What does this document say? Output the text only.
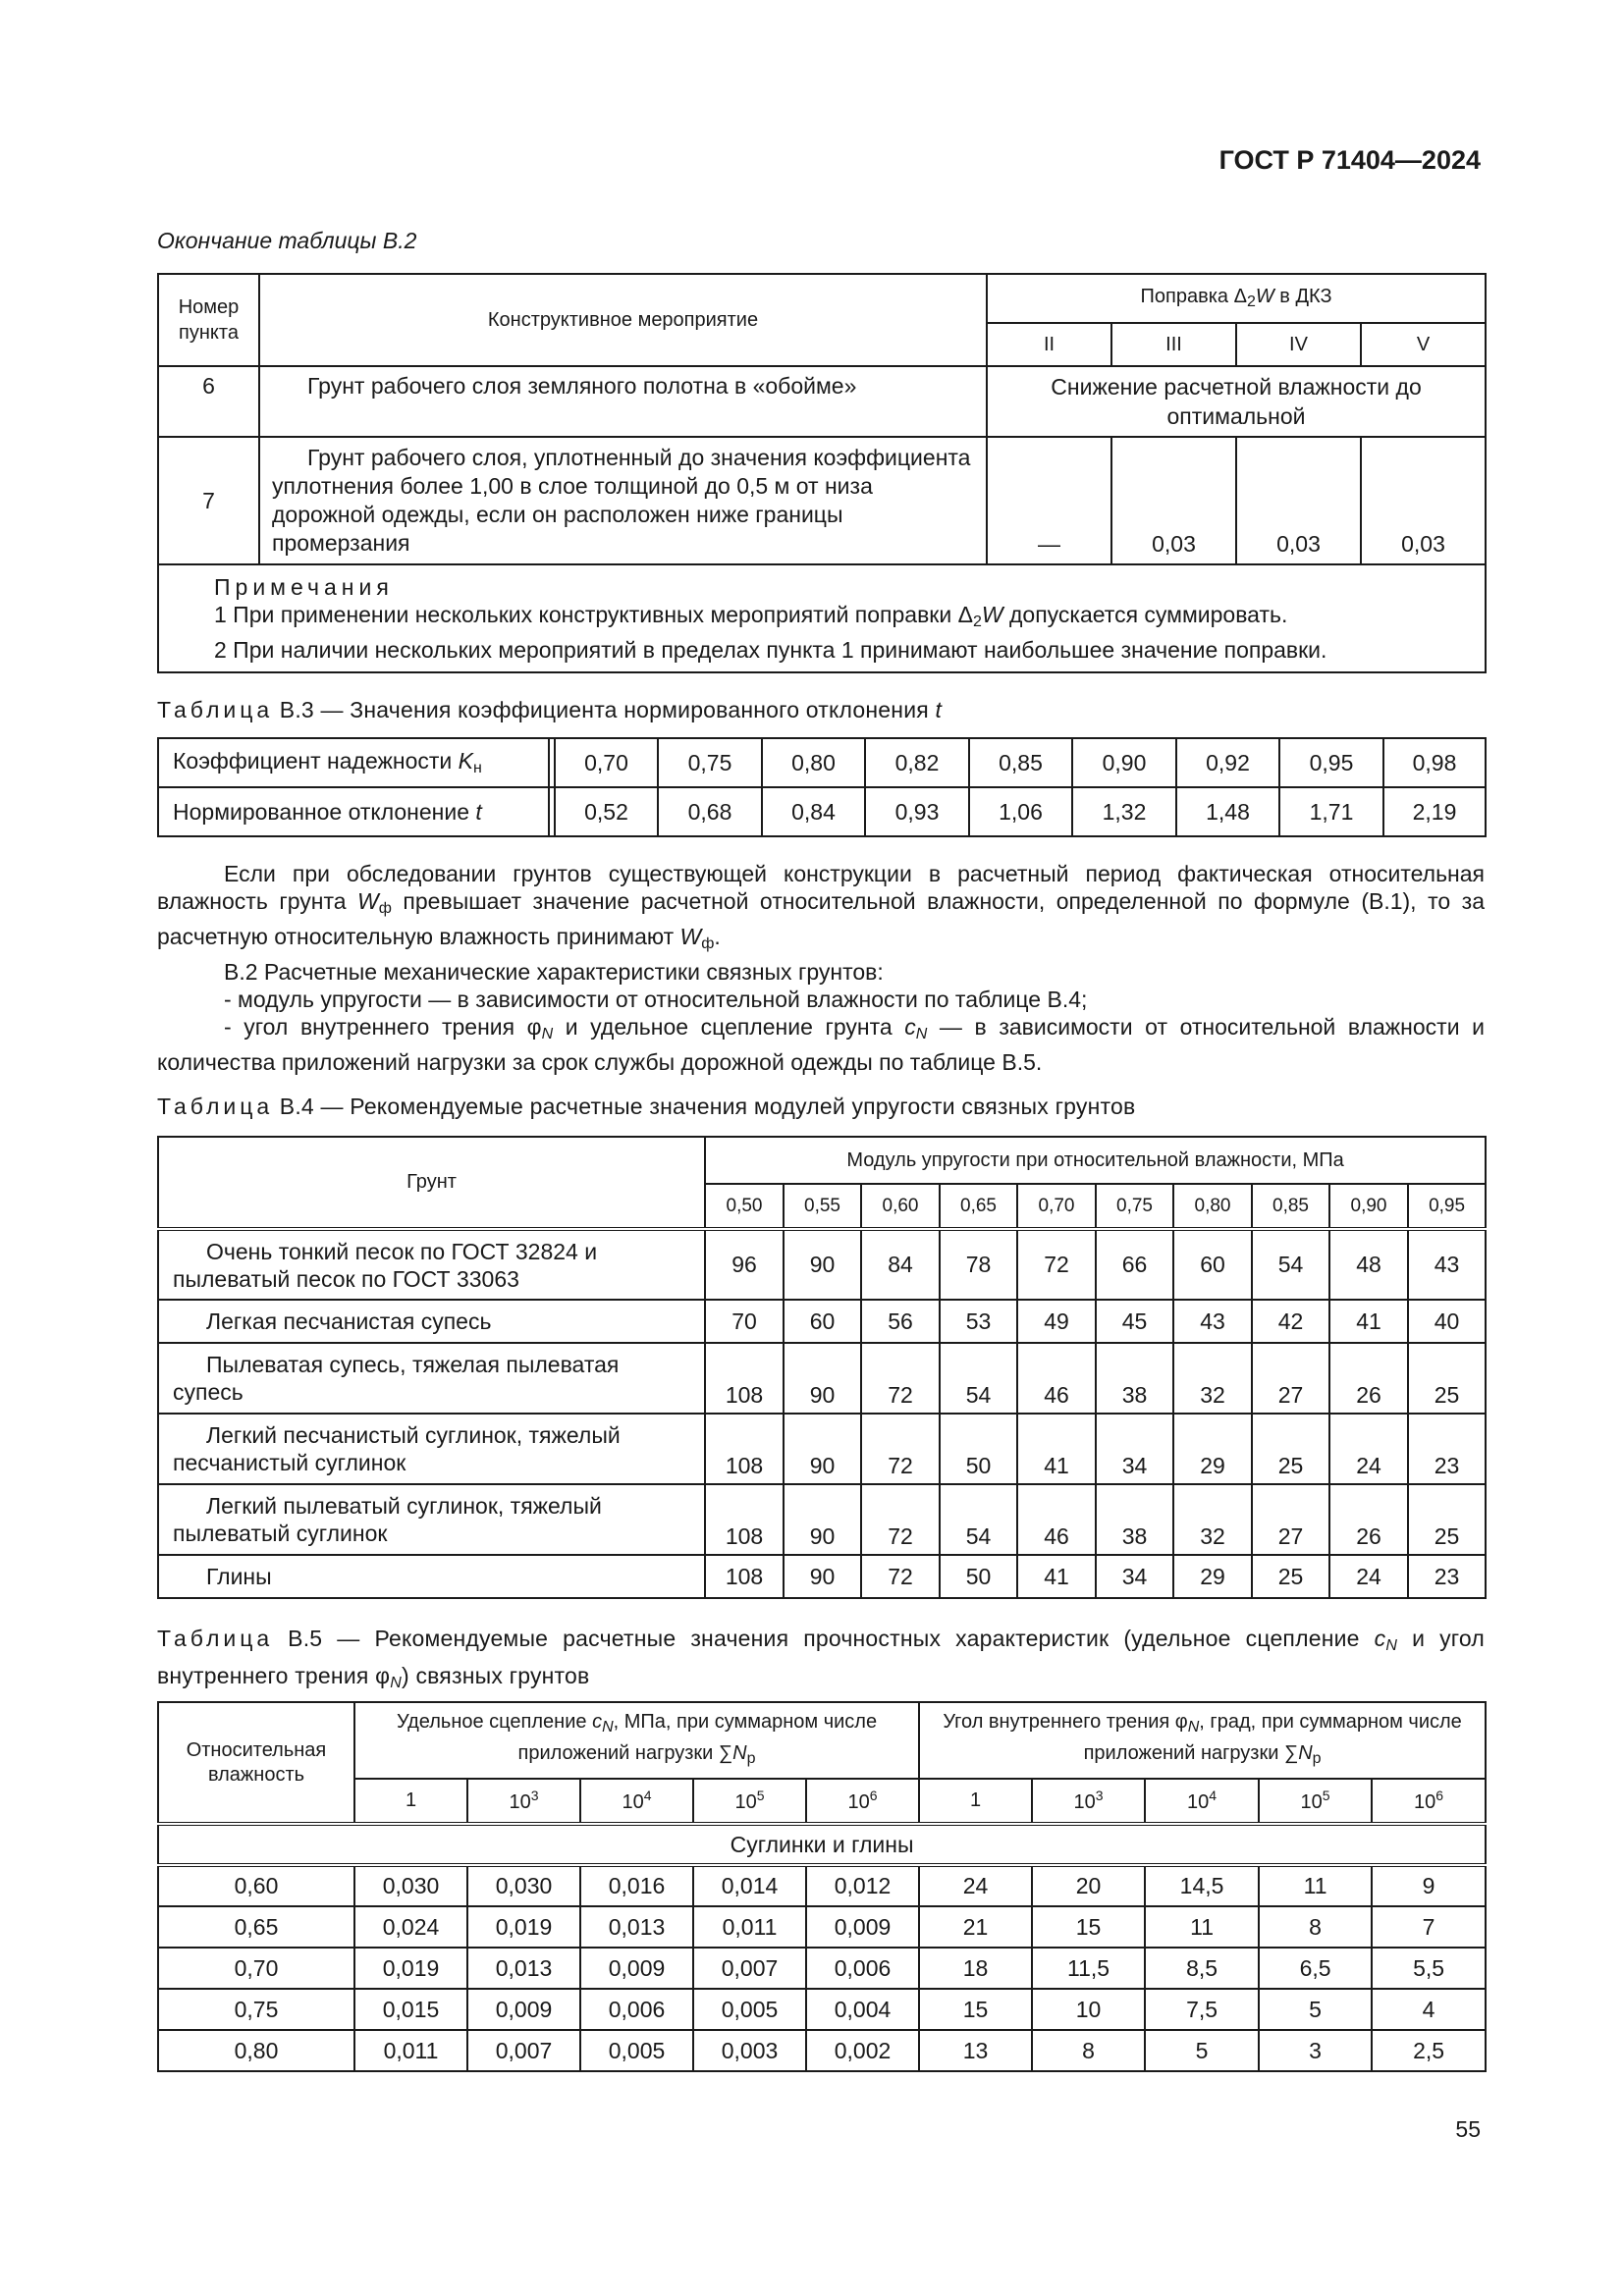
ГОСТ Р 71404—2024
Окончание таблицы В.2
Номер пункта	Конструктивное мероприятие	Поправка $\Delta_2W$ в ДКЗ			
		II	III	IV	V
6	Грунт рабочего слоя земляного полотна в «обойме»	Снижение расчетной влажности до оптимальной			
7	Грунт рабочего слоя, уплотненный до значения коэффициента уплотнения более 1,00 в слое толщиной до 0,5 м от низа дорожной одежды, если он расположен ниже границы промерзания	—	0,03	0,03	0,03

Примечания
1 При применении нескольких конструктивных мероприятий поправки $\Delta_2W$ допускается суммировать.
2 При наличии нескольких мероприятий в пределах пункта 1 принимают наибольшее значение поправки.					
Таблица В.3 — Значения коэффициента нормированного отклонения t
Коэффициент надежности $K_н$		0,70	0,75	0,80	0,82	0,85	0,90	0,92	0,95	0,98
Нормированное отклонение t		0,52	0,68	0,84	0,93	1,06	1,32	1,48	1,71	2,19

Если при обследовании грунтов существующей конструкции в расчетный период фактическая относительная влажность грунта $W_ф$ превышает значение расчетной относительной влажности, определенной по формуле (В.1), то за расчетную относительную влажность принимают $W_ф$.

В.2 Расчетные механические характеристики связных грунтов:

- модуль упругости — в зависимости от относительной влажности по таблице В.4;

- угол внутреннего трения $\varphi_N$ и удельное сцепление грунта $c_N$ — в зависимости от относительной влажности и количества приложений нагрузки за срок службы дорожной одежды по таблице В.5.

Таблица В.4 — Рекомендуемые расчетные значения модулей упругости связных грунтов
Грунт	Модуль упругости при относительной влажности, МПа									
	0,50	0,55	0,60	0,65	0,70	0,75	0,80	0,85	0,90	0,95
Очень тонкий песок по ГОСТ 32824 и пылеватый песок по ГОСТ 33063	96	90	84	78	72	66	60	54	48	43
Легкая песчанистая супесь	70	60	56	53	49	45	43	42	41	40
Пылеватая супесь, тяжелая пылеватая супесь	108	90	72	54	46	38	32	27	26	25
Легкий песчанистый суглинок, тяжелый песчанистый суглинок	108	90	72	50	41	34	29	25	24	23
Легкий пылеватый суглинок, тяжелый пылеватый суглинок	108	90	72	54	46	38	32	27	26	25
Глины	108	90	72	50	41	34	29	25	24	23
Таблица В.5 — Рекомендуемые расчетные значения прочностных характеристик (удельное сцепление $c_N$ и угол внутреннего трения $\varphi_N$) связных грунтов
Относительная влажность	Удельное сцепление $c_N$, МПа, при суммарном числе приложений нагрузки $\sum N_p$					Угол внутреннего трения $\varphi_N$, град, при суммарном числе приложений нагрузки $\sum N_p$
	1	$10^3$	$10^4$	$10^5$	$10^6$	1	$10^3$	$10^4$	$10^5$	$10^6$
Суглинки и глины										
0,60	0,030	0,030	0,016	0,014	0,012	24	20	14,5	11	9
0,65	0,024	0,019	0,013	0,011	0,009	21	15	11	8	7
0,70	0,019	0,013	0,009	0,007	0,006	18	11,5	8,5	6,5	5,5
0,75	0,015	0,009	0,006	0,005	0,004	15	10	7,5	5	4
0,80	0,011	0,007	0,005	0,003	0,002	13	8	5	3	2,5
55
